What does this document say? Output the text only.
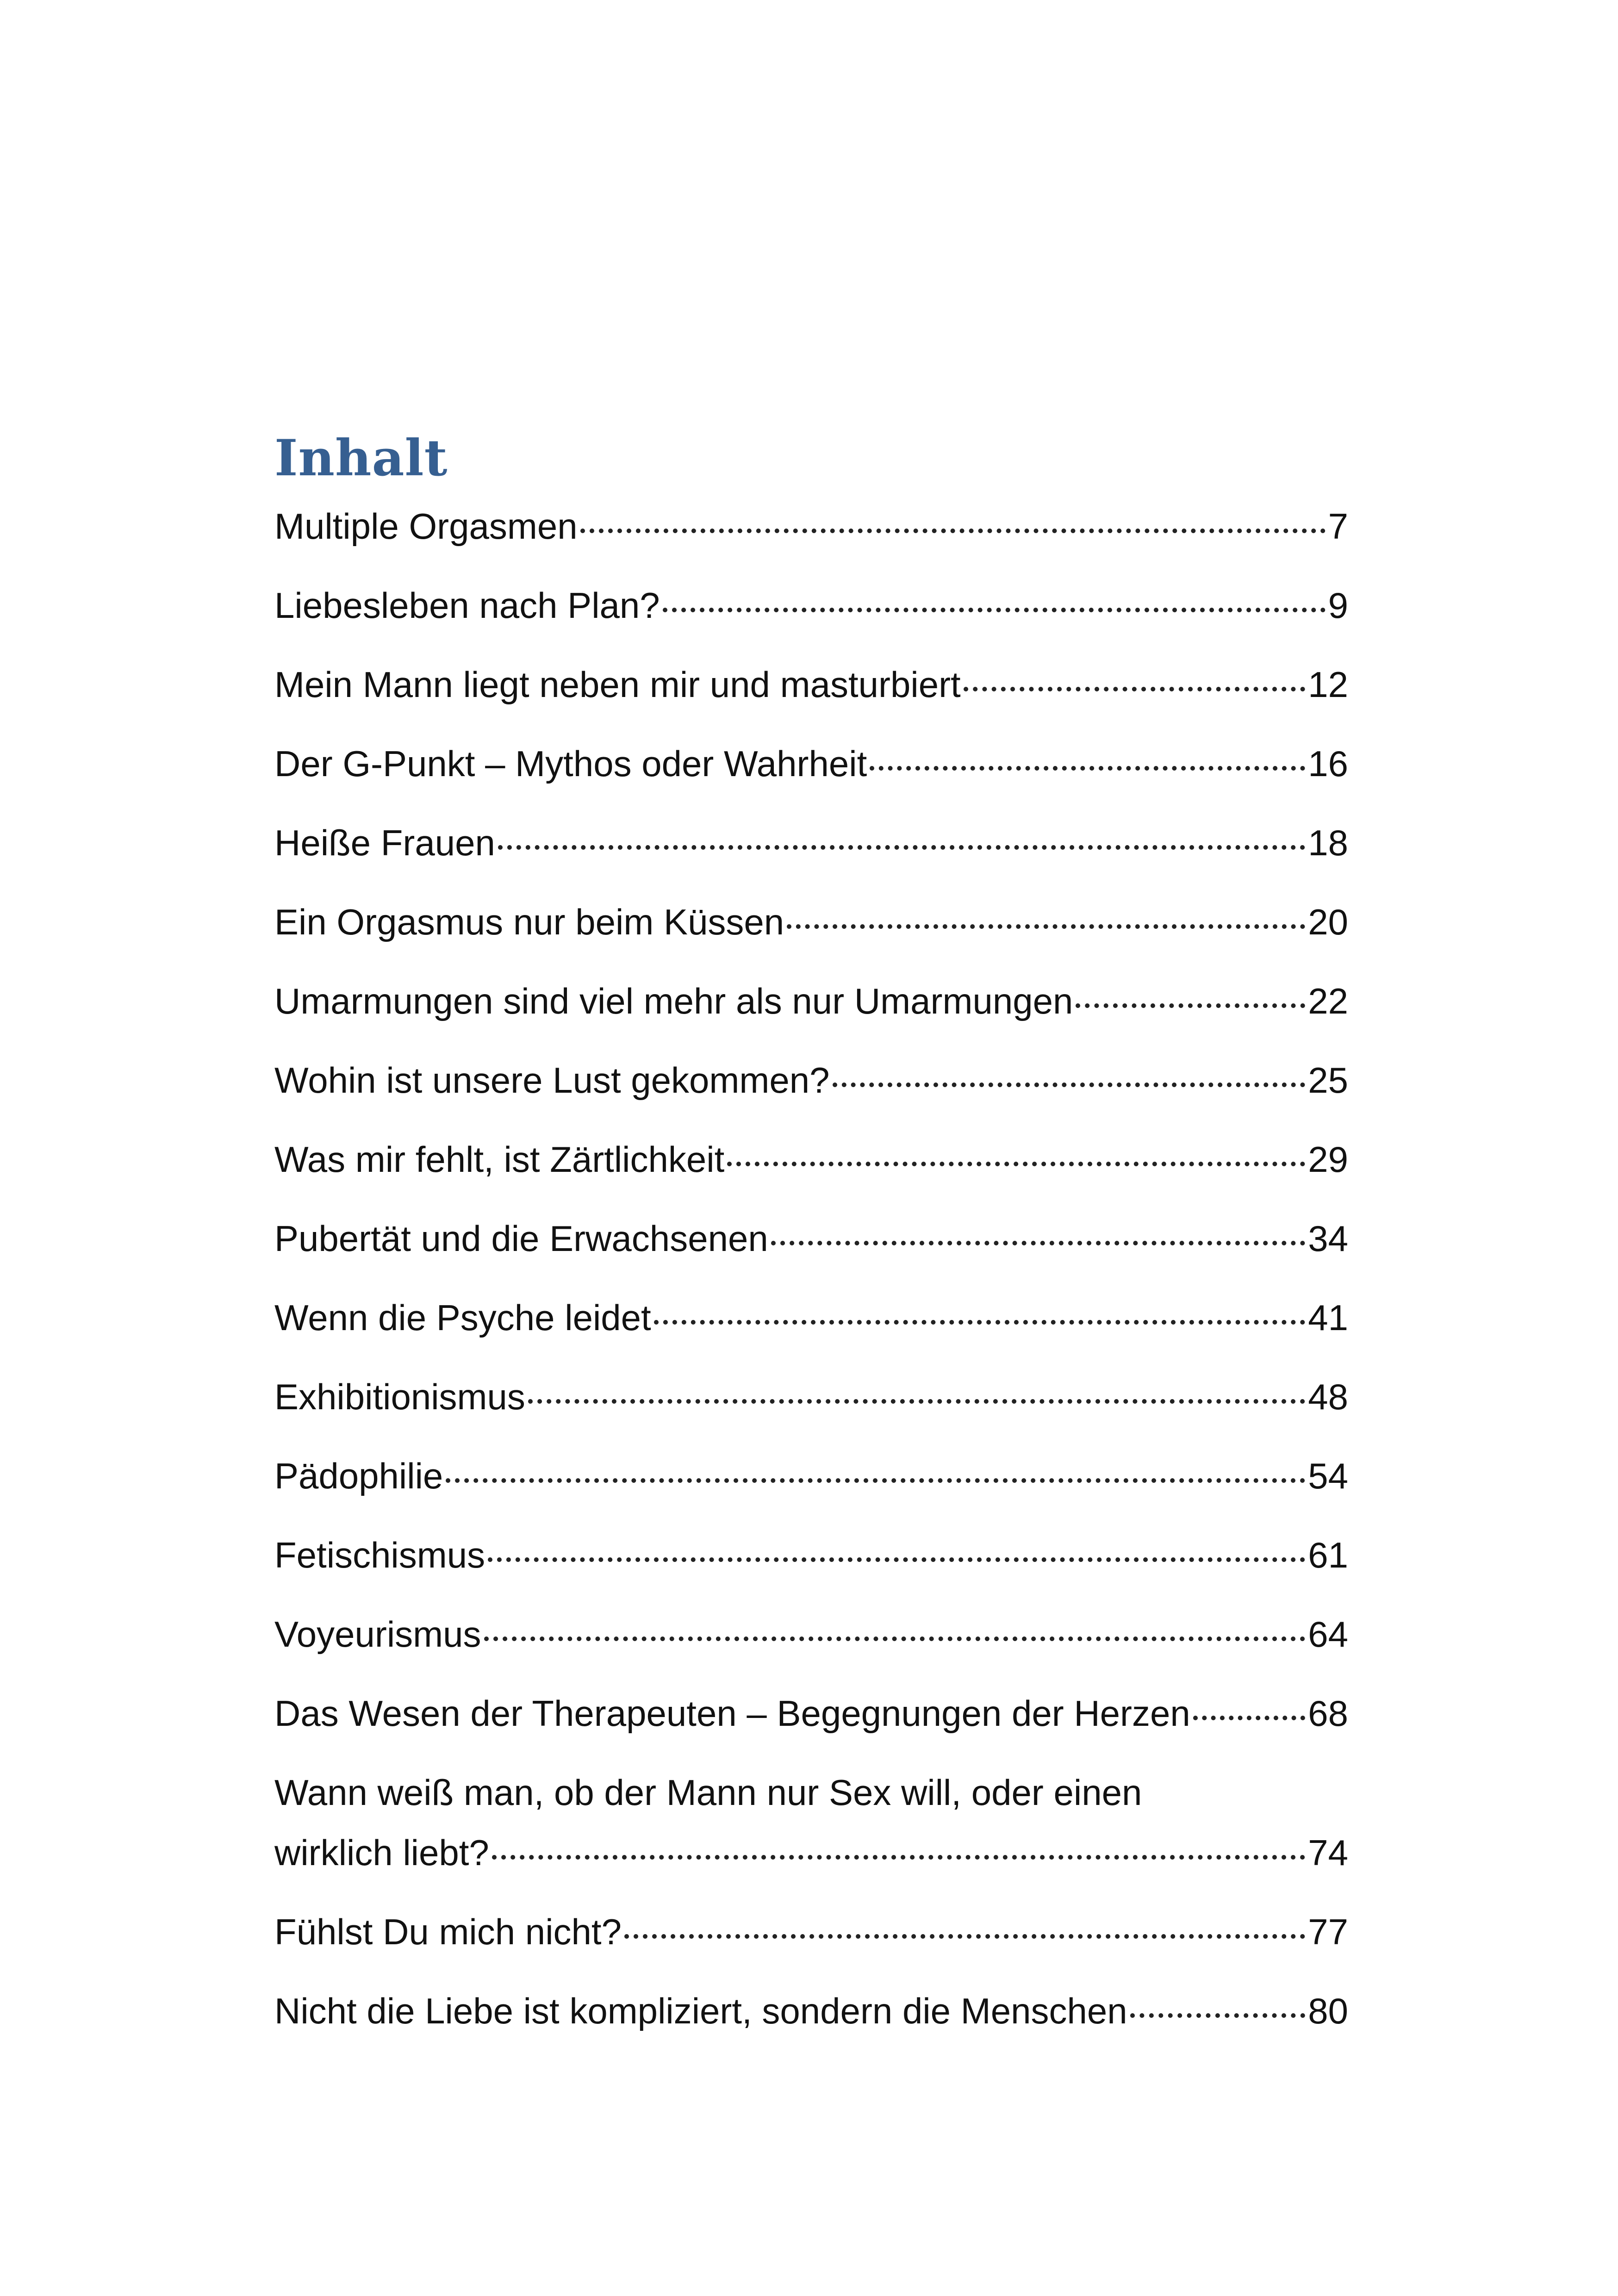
Inhalt
Multiple Orgasmen	7
Liebesleben nach Plan?	9
Mein Mann liegt neben mir und masturbiert	12
Der G-Punkt – Mythos oder Wahrheit	16
Heiße Frauen	18
Ein Orgasmus nur beim Küssen	20
Umarmungen sind viel mehr als nur Umarmungen	22
Wohin ist unsere Lust gekommen?	25
Was mir fehlt, ist Zärtlichkeit	29
Pubertät und die Erwachsenen	34
Wenn die Psyche leidet	41
Exhibitionismus	48
Pädophilie	54
Fetischismus	61
Voyeurismus	64
Das Wesen der Therapeuten – Begegnungen der Herzen	68
Wann weiß man, ob der Mann nur Sex will, oder einen
wirklich liebt?	74
Fühlst Du mich nicht?	77
Nicht die Liebe ist kompliziert, sondern die Menschen	80
